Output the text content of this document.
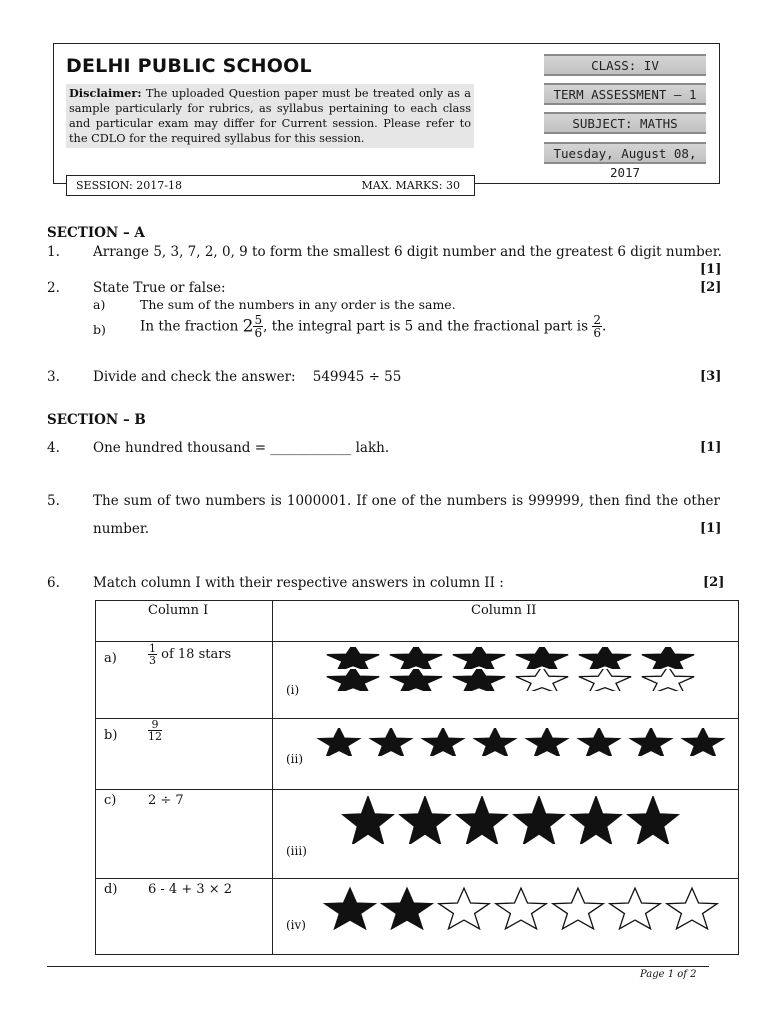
DELHI PUBLIC SCHOOL
Disclaimer: The uploaded Question paper must be treated only as a sample particularly for rubrics, as syllabus pertaining to each class and particular exam may differ for Current session. Please refer to the CDLO for the required syllabus for this session.
CLASS: IV
TERM ASSESSMENT – 1
SUBJECT: MATHS
Tuesday, August 08, 2017
SESSION: 2017-18	MAX. MARKS: 30
SECTION – A
1. Arrange 5, 3, 7, 2, 0, 9 to form the smallest 6 digit number and the greatest 6 digit number.
[1]
2. State True or false:	[2]
a)	The sum of the numbers in any order is the same.
b)	In the fraction $2 \frac{5}{6}$ , the integral part is 5 and the fractional part is $\frac{2}{6}$ .
3. Divide and check the answer:    549945 ÷ 55	[3]
SECTION – B
4. One hundred thousand = ____________ lakh.	[1]
5. The sum of two numbers is 1000001. If one of the numbers is 999999, then find the other
number.	[1]
6. Match column I with their respective answers in column II :	[2]
Column I	Column II
a)	$\frac{1}{3}$ of 18 stars
(i)
b)	$\frac{9}{12}$
(ii)
c) 2 ÷ 7
(iii)
d) 6 - 4 + 3 × 2
(iv)
Page 1 of 2
